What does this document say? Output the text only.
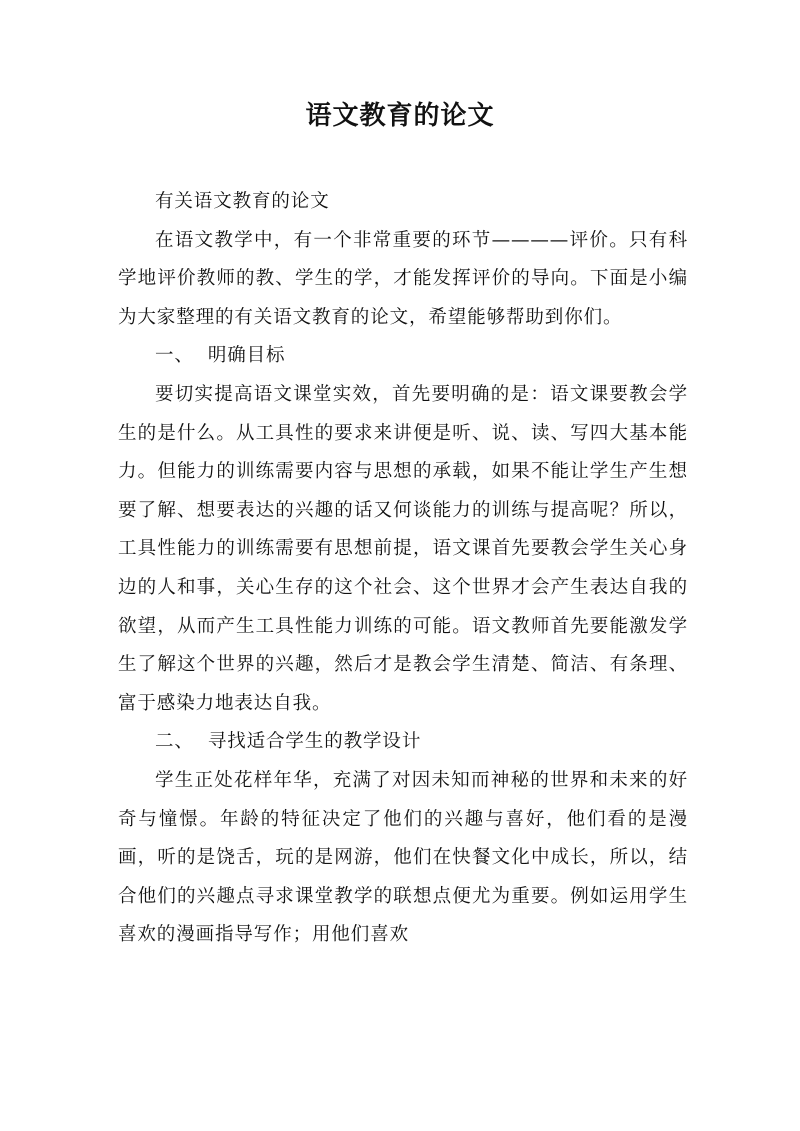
语文教育的论文

有关语文教育的论文

在语文教学中，有一个非常重要的环节————评价。只有科学地评价教师的教、学生的学，才能发挥评价的导向。下面是小编为大家整理的有关语文教育的论文，希望能够帮助到你们。

一、 明确目标

要切实提高语文课堂实效，首先要明确的是：语文课要教会学生的是什么。从工具性的要求来讲便是听、说、读、写四大基本能力。但能力的训练需要内容与思想的承载，如果不能让学生产生想要了解、想要表达的兴趣的话又何谈能力的训练与提高呢？所以，工具性能力的训练需要有思想前提，语文课首先要教会学生关心身边的人和事，关心生存的这个社会、这个世界才会产生表达自我的欲望，从而产生工具性能力训练的可能。语文教师首先要能激发学生了解这个世界的兴趣，然后才是教会学生清楚、简洁、有条理、富于感染力地表达自我。

二、 寻找适合学生的教学设计

学生正处花样年华，充满了对因未知而神秘的世界和未来的好奇与憧憬。年龄的特征决定了他们的兴趣与喜好，他们看的是漫画，听的是饶舌，玩的是网游，他们在快餐文化中成长，所以，结合他们的兴趣点寻求课堂教学的联想点便尤为重要。例如运用学生喜欢的漫画指导写作；用他们喜欢
